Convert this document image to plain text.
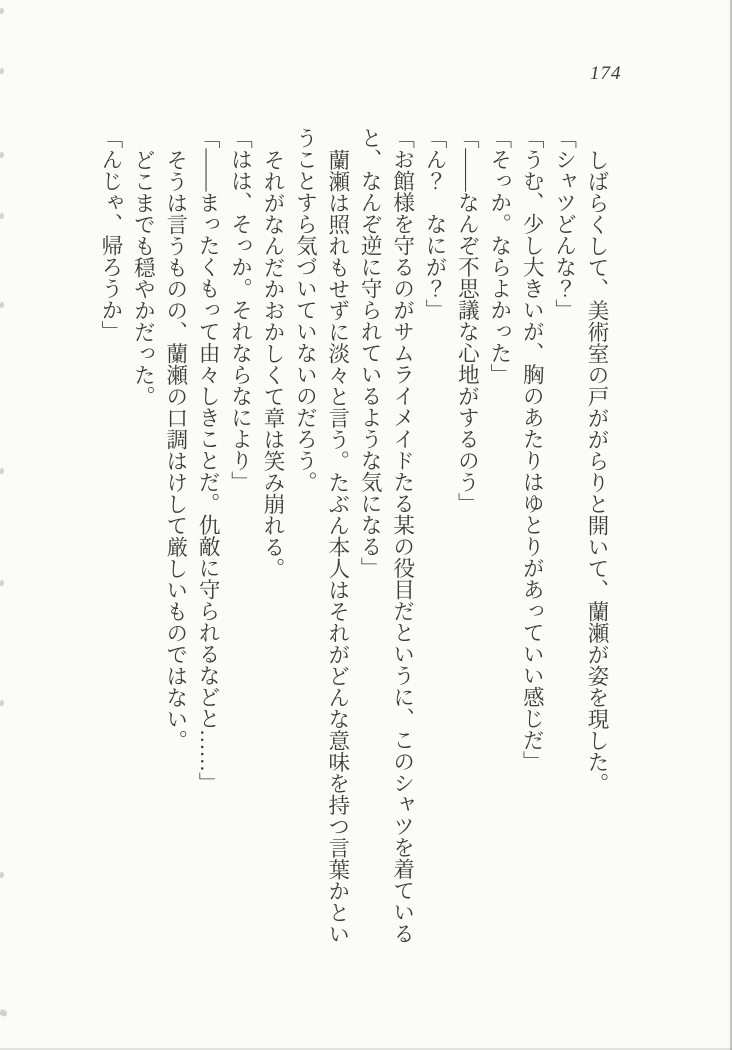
174

しばらくして、美術室の戸ががらりと開いて、蘭瀬が姿を現した。

「シャツどんな？」

「うむ、少し大きいが、胸のあたりはゆとりがあっていい感じだ」

「そっか。ならよかった」

「――なんぞ不思議な心地がするのう」

「ん？　なにが？」

「お館様を守るのがサムライメイドたる某の役目だというに、このシャツを着ていると、なんぞ逆に守られているような気になる」

蘭瀬は照れもせずに淡々と言う。たぶん本人はそれがどんな意味を持つ言葉かということすら気づいていないのだろう。

それがなんだかおかしくて章は笑み崩れる。

「はは、そっか。それならなにより」

「――まったくもって由々しきことだ。仇敵に守られるなどと……」

そうは言うものの、蘭瀬の口調はけして厳しいものではない。

どこまでも穏やかだった。

「んじゃ、帰ろうか」
